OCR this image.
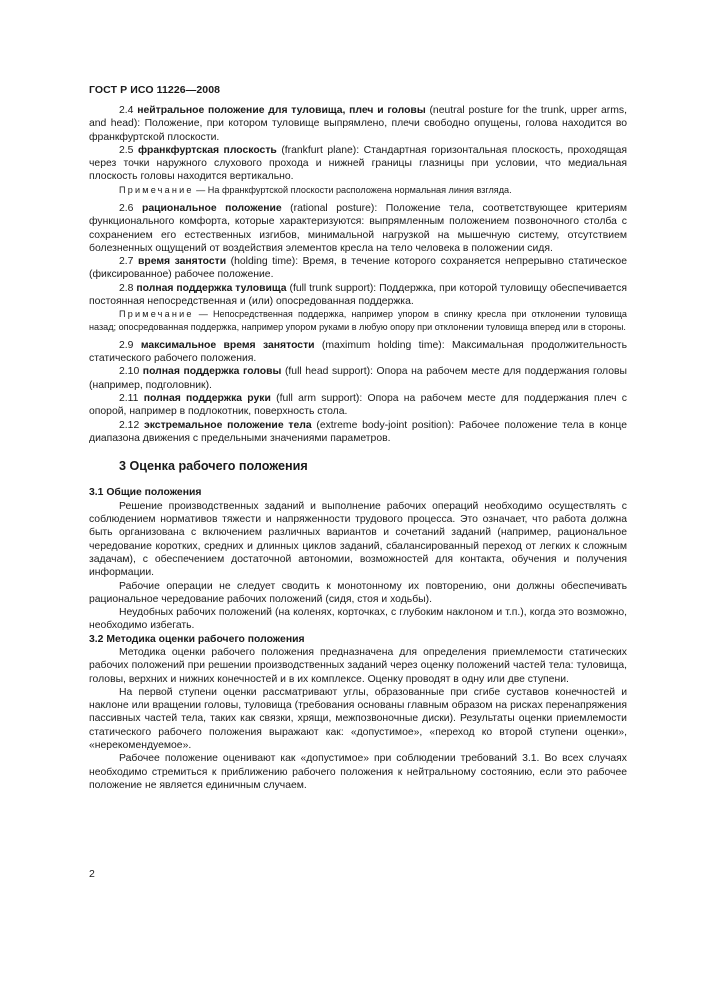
ГОСТ Р ИСО 11226—2008

2.4 нейтральное положение для туловища, плеч и головы (neutral posture for the trunk, upper arms, and head): Положение, при котором туловище выпрямлено, плечи свободно опущены, голова находится во франкфуртской плоскости.

2.5 франкфуртская плоскость (frankfurt plane): Стандартная горизонтальная плоскость, проходящая через точки наружного слухового прохода и нижней границы глазницы при условии, что медиальная плоскость головы находится вертикально.

Примечание — На франкфуртской плоскости расположена нормальная линия взгляда.

2.6 рациональное положение (rational posture): Положение тела, соответствующее критериям функционального комфорта, которые характеризуются: выпрямленным положением позвоночного столба с сохранением его естественных изгибов, минимальной нагрузкой на мышечную систему, отсутствием болезненных ощущений от воздействия элементов кресла на тело человека в положении сидя.

2.7 время занятости (holding time): Время, в течение которого сохраняется непрерывно статическое (фиксированное) рабочее положение.

2.8 полная поддержка туловища (full trunk support): Поддержка, при которой туловищу обеспечивается постоянная непосредственная и (или) опосредованная поддержка.

Примечание — Непосредственная поддержка, например упором в спинку кресла при отклонении туловища назад; опосредованная поддержка, например упором руками в любую опору при отклонении туловища вперед или в стороны.

2.9 максимальное время занятости (maximum holding time): Максимальная продолжительность статического рабочего положения.

2.10 полная поддержка головы (full head support): Опора на рабочем месте для поддержания головы (например, подголовник).

2.11 полная поддержка руки (full arm support): Опора на рабочем месте для поддержания плеч с опорой, например в подлокотник, поверхность стола.

2.12 экстремальное положение тела (extreme body-joint position): Рабочее положение тела в конце диапазона движения с предельными значениями параметров.

3 Оценка рабочего положения

3.1 Общие положения

Решение производственных заданий и выполнение рабочих операций необходимо осуществлять с соблюдением нормативов тяжести и напряженности трудового процесса. Это означает, что работа должна быть организована с включением различных вариантов и сочетаний заданий (например, рациональное чередование коротких, средних и длинных циклов заданий, сбалансированный переход от легких к сложным задачам), с обеспечением достаточной автономии, возможностей для контакта, обучения и получения информации.

Рабочие операции не следует сводить к монотонному их повторению, они должны обеспечивать рациональное чередование рабочих положений (сидя, стоя и ходьбы).

Неудобных рабочих положений (на коленях, корточках, с глубоким наклоном и т.п.), когда это возможно, необходимо избегать.

3.2 Методика оценки рабочего положения

Методика оценки рабочего положения предназначена для определения приемлемости статических рабочих положений при решении производственных заданий через оценку положений частей тела: туловища, головы, верхних и нижних конечностей и в их комплексе. Оценку проводят в одну или две ступени.

На первой ступени оценки рассматривают углы, образованные при сгибе суставов конечностей и наклоне или вращении головы, туловища (требования основаны главным образом на рисках перенапряжения пассивных частей тела, таких как связки, хрящи, межпозвоночные диски). Результаты оценки приемлемости статического рабочего положения выражают как: «допустимое», «переход ко второй ступени оценки», «нерекомендуемое».

Рабочее положение оценивают как «допустимое» при соблюдении требований 3.1. Во всех случаях необходимо стремиться к приближению рабочего положения к нейтральному состоянию, если это рабочее положение не является единичным случаем.

2
